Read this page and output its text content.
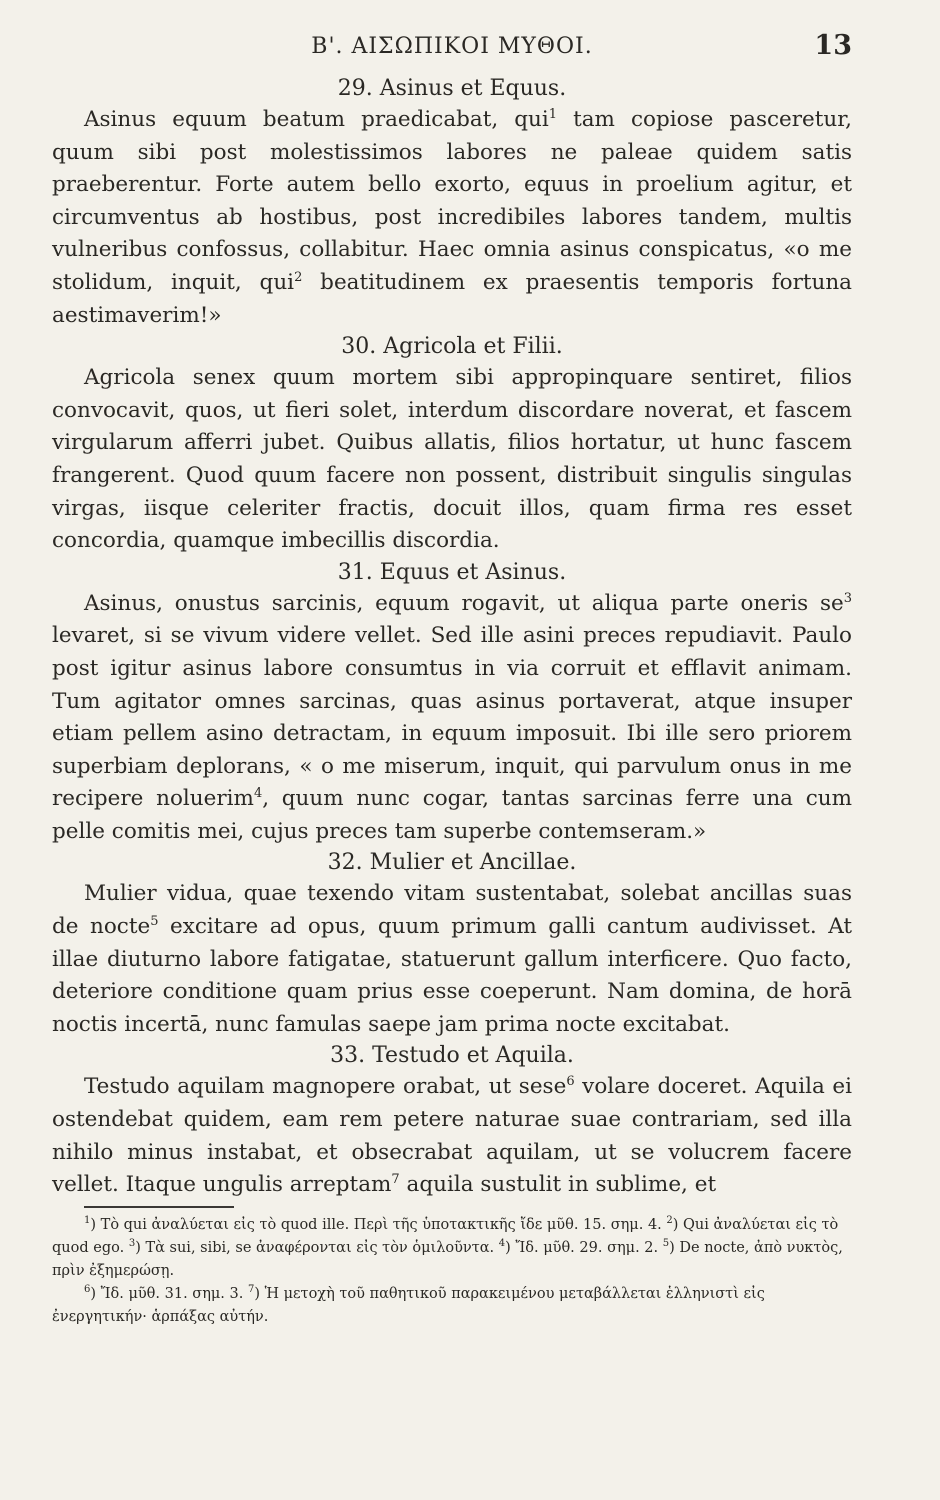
Β'. ΑΙΣΩΠΙΚΟΙ ΜΥΘΟΙ.	13
29. Asinus et Equus.

Asinus equum beatum praedicabat, qui$^1$ tam copiose pasceretur, quum sibi post molestissimos labores ne paleae quidem satis praeberentur. Forte autem bello exorto, equus in proelium agitur, et circumventus ab hostibus, post incredibiles labores tandem, multis vulneribus confossus, collabitur. Haec omnia asinus conspicatus, «o me stolidum, inquit, qui$^2$ beatitudinem ex praesentis temporis fortuna aestimaverim!»

30. Agricola et Filii.

Agricola senex quum mortem sibi appropinquare sentiret, filios convocavit, quos, ut fieri solet, interdum discordare noverat, et fascem virgularum afferri jubet. Quibus allatis, filios hortatur, ut hunc fascem frangerent. Quod quum facere non possent, distribuit singulis singulas virgas, iisque celeriter fractis, docuit illos, quam firma res esset concordia, quamque imbecillis discordia.

31. Equus et Asinus.

Asinus, onustus sarcinis, equum rogavit, ut aliqua parte oneris $se^3$ levaret, si se vivum videre vellet. Sed ille asini preces repudiavit. Paulo post igitur asinus labore consumtus in via corruit et efflavit animam. Tum agitator omnes sarcinas, quas asinus portaverat, atque insuper etiam pellem asino detractam, in equum imposuit. Ibi ille sero priorem superbiam deplorans, « o me miserum, inquit, qui parvulum onus in me recipere noluerim$^4$, quum nunc cogar, tantas sarcinas ferre una cum pelle comitis mei, cujus preces tam superbe contemseram.»

32. Mulier et Ancillae.

Mulier vidua, quae texendo vitam sustentabat, solebat ancillas suas de nocte$^5$ excitare ad opus, quum primum galli cantum audivisset. At illae diuturno labore fatigatae, statuerunt gallum interficere. Quo facto, deteriore conditione quam prius esse coeperunt. Nam domina, de horā noctis incertā, nunc famulas saepe jam prima nocte excitabat.

33. Testudo et Aquila.

Testudo aquilam magnopere orabat, ut sese$^6$ volare doceret. Aquila ei ostendebat quidem, eam rem petere naturae suae contrariam, sed illa nihilo minus instabat, et obsecrabat aquilam, ut se volucrem facere vellet. Itaque ungulis arreptam$^7$ aquila sustulit in sublime, et

$^1$) Τὸ qui ἀναλύεται εἰς τὸ quod ille. Περὶ τῆς ὑποτακτικῆς ἴδε μῦθ. 15. σημ. 4. $^2$) Qui ἀναλύεται εἰς τὸ quod ego. $^3$) Τὰ sui, sibi, se ἀναφέρονται εἰς τὸν ὁμιλοῦντα. $^4$) Ἴδ. μῦθ. 29. σημ. 2. $^5$) De nocte, ἀπὸ νυκτὸς, πρὶν ἐξημερώσῃ.

$^6$) Ἴδ. μῦθ. 31. σημ. 3. $^7$) Ἡ μετοχὴ τοῦ παθητικοῦ παρακειμένου μεταβάλλεται ἑλληνιστὶ εἰς ἐνεργητικήν· ἁρπάξας αὐτήν.
